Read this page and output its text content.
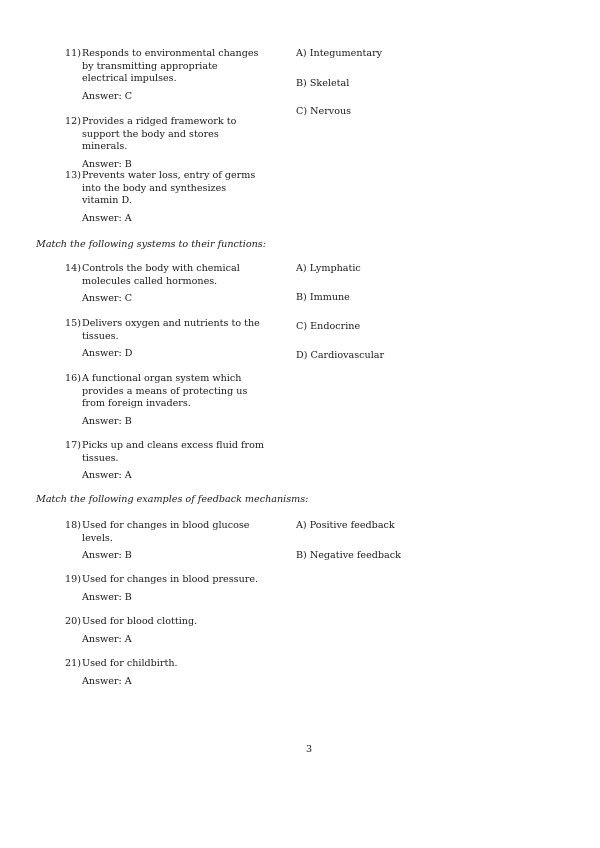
11) Responds to environmental changes by transmitting appropriate electrical impulses.
Answer: C
12) Provides a ridged framework to support the body and stores minerals.
Answer: B
13) Prevents water loss, entry of germs into the body and synthesizes vitamin D.
Answer: A
A) Integumentary
B) Skeletal
C) Nervous
Match the following systems to their functions:
14) Controls the body with chemical molecules called hormones.
Answer: C
15) Delivers oxygen and nutrients to the tissues.
Answer: D
16) A functional organ system which provides a means of protecting us from foreign invaders.
Answer: B
17) Picks up and cleans excess fluid from tissues.
Answer: A
A) Lymphatic
B) Immune
C) Endocrine
D) Cardiovascular
Match the following examples of feedback mechanisms:
18) Used for changes in blood glucose levels.
Answer: B
19) Used for changes in blood pressure.
Answer: B
20) Used for blood clotting.
Answer: A
21) Used for childbirth.
Answer: A
A) Positive feedback
B) Negative feedback
3
